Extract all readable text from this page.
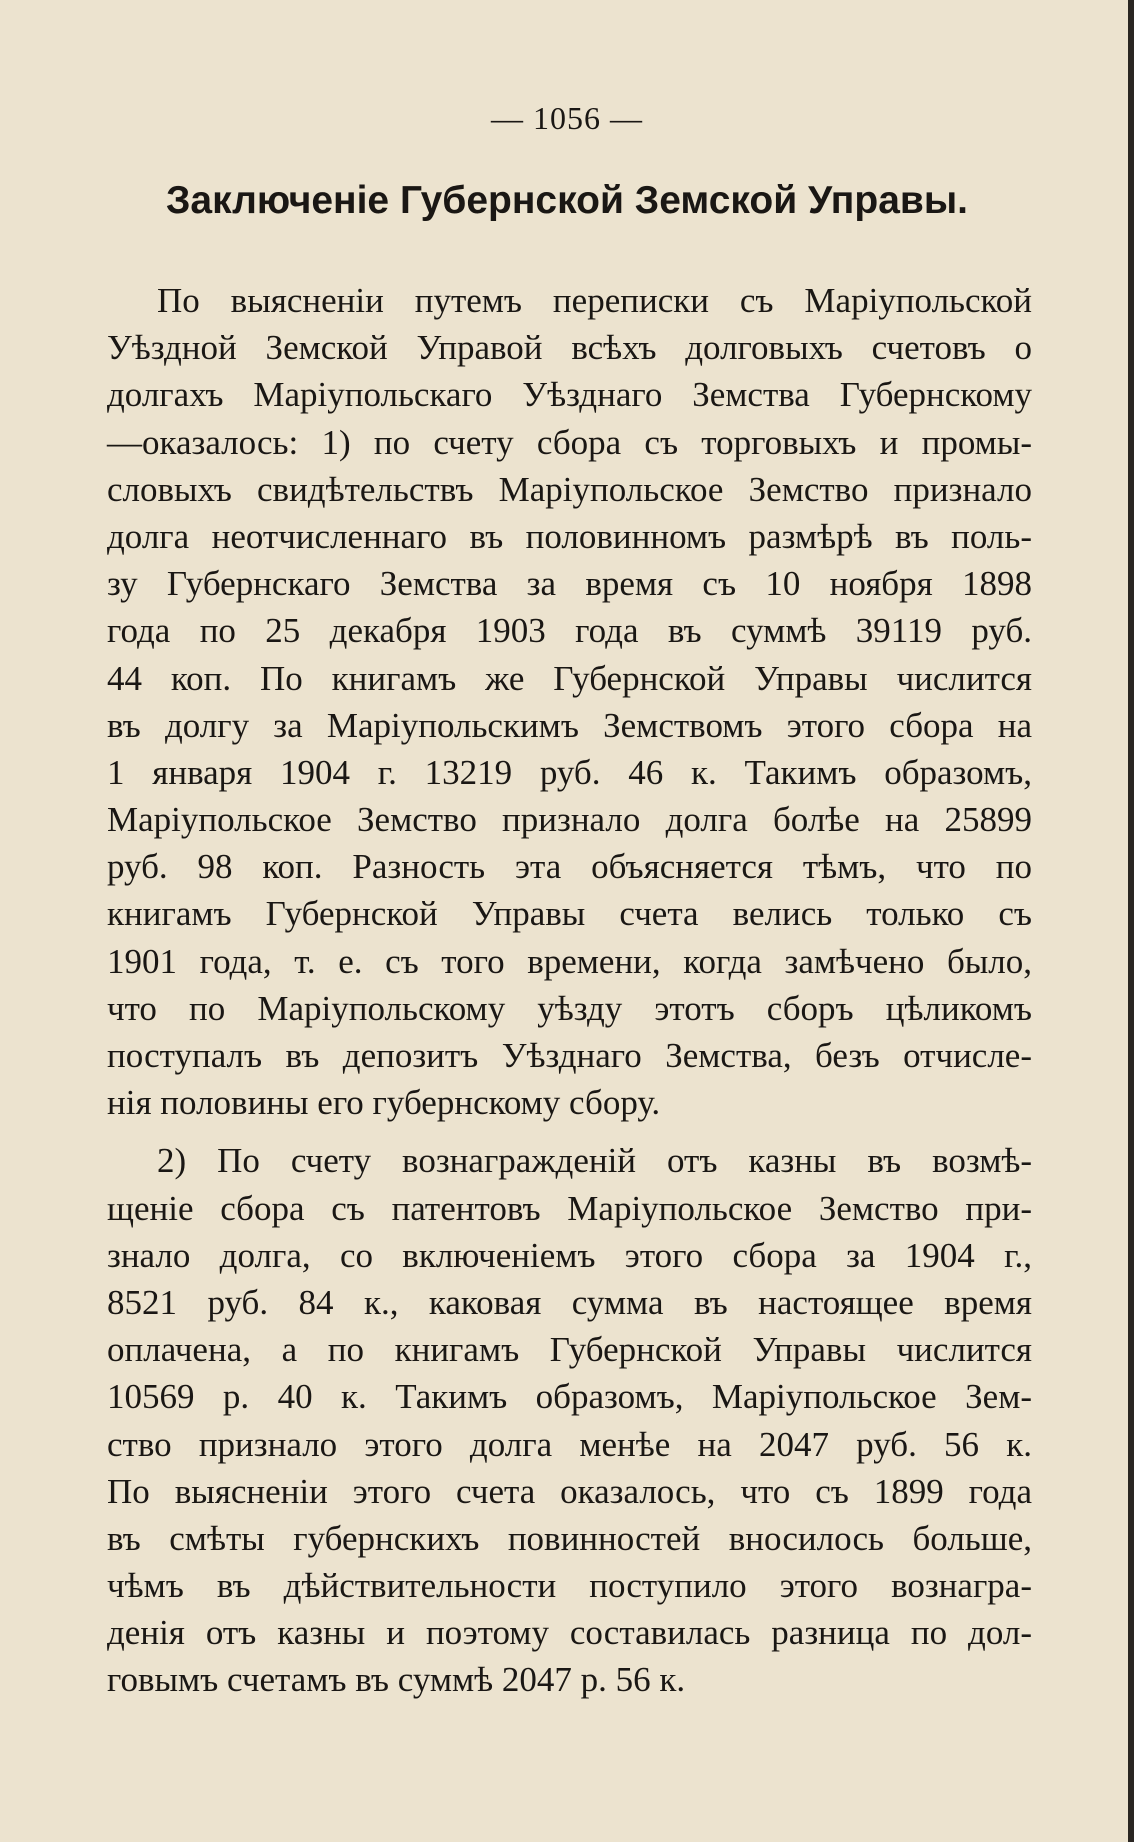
— 1056 —
Заключеніе Губернской Земской Управы.
По выясненіи путемъ переписки съ Маріупольской
Уѣздной Земской Управой всѣхъ долговыхъ счетовъ о
долгахъ Маріупольскаго Уѣзднаго Земства Губернскому
—оказалось: 1) по счету сбора съ торговыхъ и промы-
словыхъ свидѣтельствъ Маріупольское Земство признало
долга неотчисленнаго въ половинномъ размѣрѣ въ поль-
зу Губернскаго Земства за время съ 10 ноября 1898
года по 25 декабря 1903 года въ суммѣ 39119 руб.
44 коп. По книгамъ же Губернской Управы числится
въ долгу за Маріупольскимъ Земствомъ этого сбора на
1 января 1904 г. 13219 руб. 46 к. Такимъ образомъ,
Маріупольское Земство признало долга болѣе на 25899
руб. 98 коп. Разность эта объясняется тѣмъ, что по
книгамъ Губернской Управы счета велись только съ
1901 года, т. е. съ того времени, когда замѣчено было,
что по Маріупольскому уѣзду этотъ сборъ цѣликомъ
поступалъ въ депозитъ Уѣзднаго Земства, безъ отчисле-
нія половины его губернскому сбору.
2) По счету вознагражденій отъ казны въ возмѣ-
щеніе сбора съ патентовъ Маріупольское Земство при-
знало долга, со включеніемъ этого сбора за 1904 г.,
8521 руб. 84 к., каковая сумма въ настоящее время
оплачена, а по книгамъ Губернской Управы числится
10569 р. 40 к. Такимъ образомъ, Маріупольское Зем-
ство признало этого долга менѣе на 2047 руб. 56 к.
По выясненіи этого счета оказалось, что съ 1899 года
въ смѣты губернскихъ повинностей вносилось больше,
чѣмъ въ дѣйствительности поступило этого вознагра-
денія отъ казны и поэтому составилась разница по дол-
говымъ счетамъ въ суммѣ 2047 р. 56 к.
